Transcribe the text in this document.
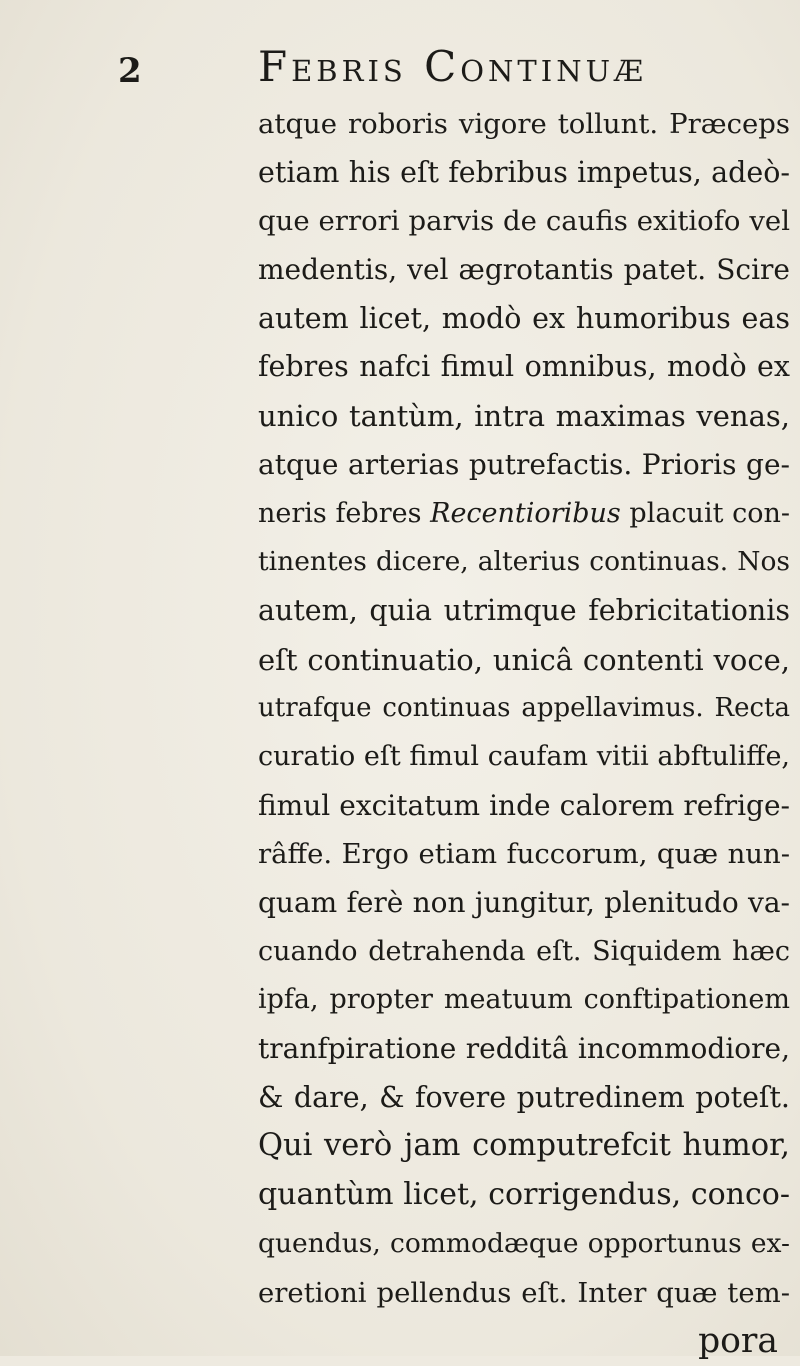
2	Febris Continuæ
atque roboris vigore tollunt. Præceps
etiam his eſt febribus impetus, adeò-
que errori parvis de caufis exitiofo vel
medentis, vel ægrotantis patet. Scire
autem licet, modò ex humoribus eas
febres nafci fimul omnibus, modò ex
unico tantùm, intra maximas venas,
atque arterias putrefactis. Prioris ge-
neris febres Recentioribus placuit con-
tinentes dicere, alterius continuas. Nos
autem, quia utrimque febricitationis
eſt continuatio, unicâ contenti voce,
utrafque continuas appellavimus. Recta
curatio eſt fimul caufam vitii abftuliffe,
fimul excitatum inde calorem refrige-
râffe. Ergo etiam fuccorum, quæ nun-
quam ferè non jungitur, plenitudo va-
cuando detrahenda eſt. Siquidem hæc
ipfa, propter meatuum conftipationem
tranfpiratione redditâ incommodiore,
& dare, & fovere putredinem poteſt.
Qui verò jam computrefcit humor,
quantùm licet, corrigendus, conco-
quendus, commodæque opportunus ex-
eretioni pellendus eſt. Inter quæ tem-
pora
